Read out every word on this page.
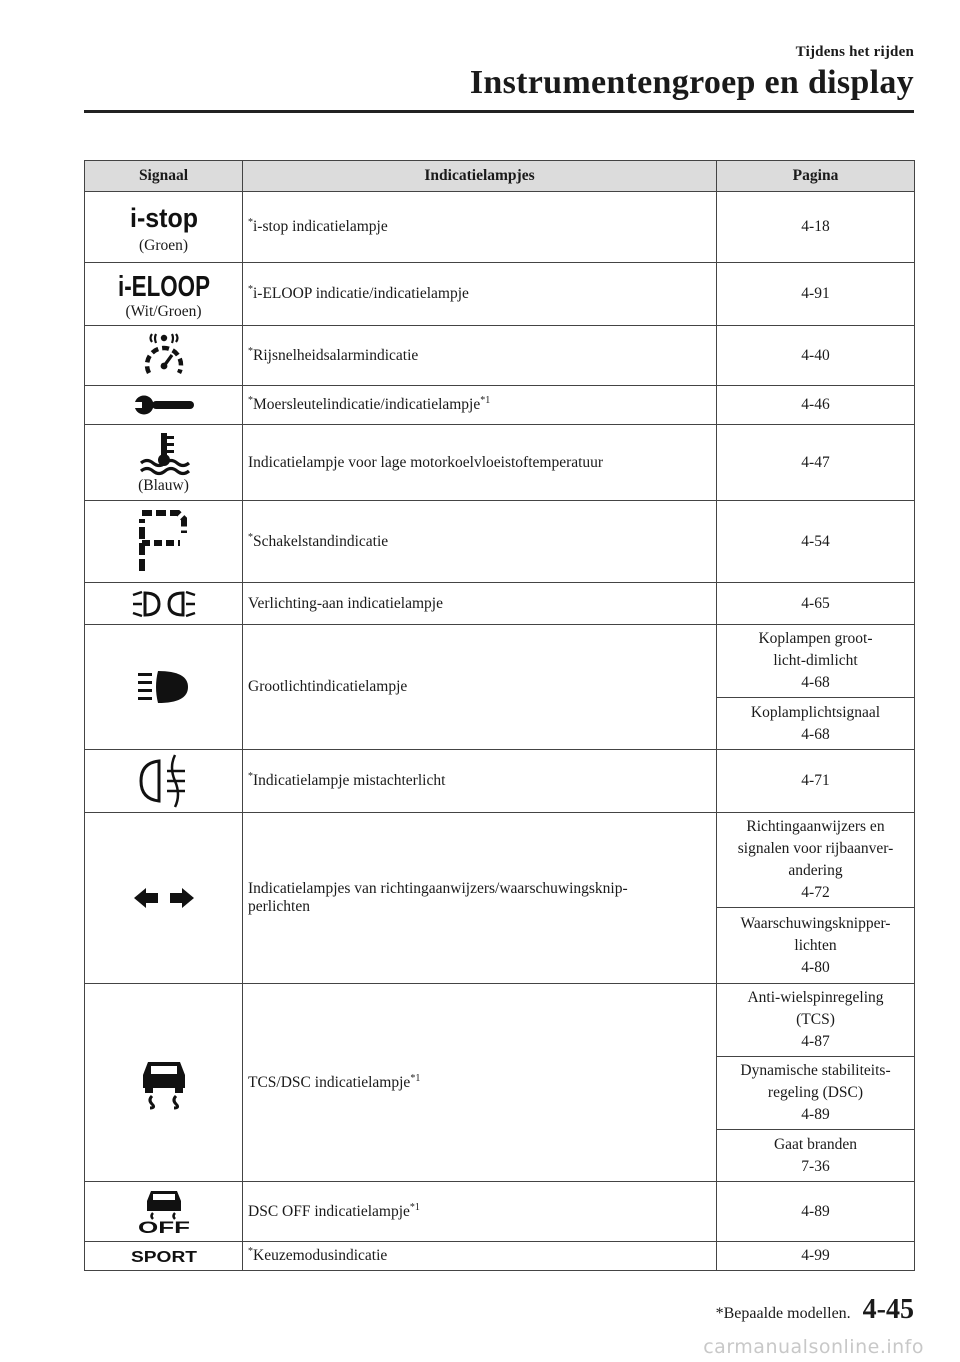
Tijdens het rijden
Instrumentengroep en display
Signaal	Indicatielampjes	Pagina

i-stop
(Groen)	*i-stop indicatielampje	4-18

i-ELOOP
(Wit/Groen)	*i-ELOOP indicatie/indicatielampje	4-91

	*Rijsnelheidsalarmindicatie	4-40

	*Moersleutelindicatie/indicatielampje$^{*1}$	4-46

(Blauw)	Indicatielampje voor lage motorkoelvloeistoftemperatuur	4-47

	*Schakelstandindicatie	4-54

	Verlichting-aan indicatielampje	4-65

	Grootlichtindicatielampje	Koplampen groot-
licht-dimlicht
4-68
		Koplamplichtsignaal
4-68

	*Indicatielampje mistachterlicht	4-71

	Indicatielampjes van richtingaanwijzers/waarschuwingsknip-
perlichten	Richtingaanwijzers en
signalen voor rijbaanver-
andering
4-72
		Waarschuwingsknipper-
lichten
4-80

	TCS/DSC indicatielampje$^{*1}$	Anti-wielspinregeling
(TCS)
4-87
		Dynamische stabiliteits-
regeling (DSC)
4-89
		Gaat branden
7-36

OFF	DSC OFF indicatielampje$^{*1}$	4-89

SPORT	*Keuzemodusindicatie	4-99
*Bepaalde modellen. 4-45
carmanualsonline.info
